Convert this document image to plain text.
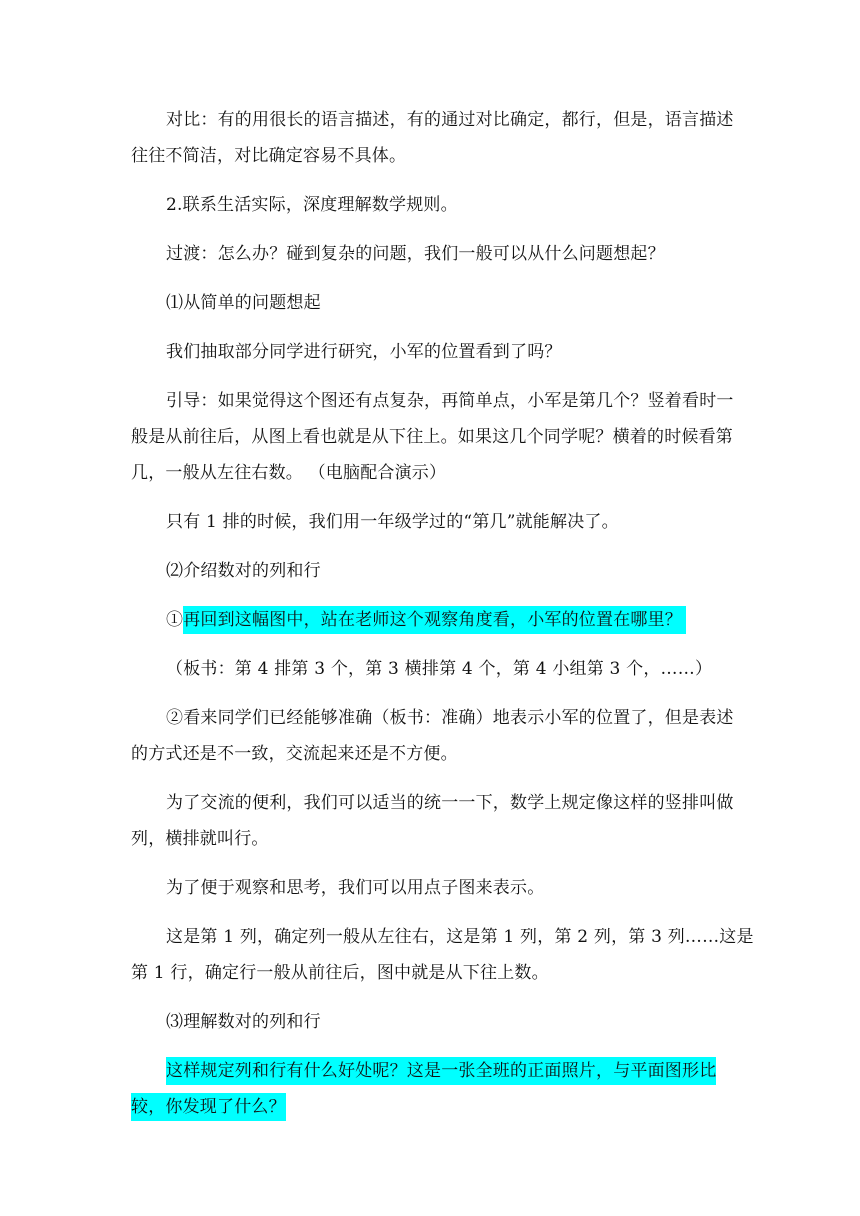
对比：有的用很长的语言描述，有的通过对比确定，都行，但是，语言描述
往往不简洁，对比确定容易不具体。
2.联系生活实际，深度理解数学规则。
过渡：怎么办？碰到复杂的问题，我们一般可以从什么问题想起？
⑴从简单的问题想起
我们抽取部分同学进行研究，小军的位置看到了吗？
引导：如果觉得这个图还有点复杂，再简单点，小军是第几个？竖着看时一
般是从前往后，从图上看也就是从下往上。如果这几个同学呢？横着的时候看第
几，一般从左往右数。 （电脑配合演示）
只有 1 排的时候，我们用一年级学过的“第几”就能解决了。
⑵介绍数对的列和行
①再回到这幅图中，站在老师这个观察角度看，小军的位置在哪里？
（板书：第 4 排第 3 个，第 3 横排第 4 个，第 4 小组第 3 个，……）
②看来同学们已经能够准确（板书：准确）地表示小军的位置了，但是表述
的方式还是不一致，交流起来还是不方便。
为了交流的便利，我们可以适当的统一一下，数学上规定像这样的竖排叫做
列，横排就叫行。
为了便于观察和思考，我们可以用点子图来表示。
这是第 1 列，确定列一般从左往右，这是第 1 列，第 2 列，第 3 列……这是
第 1 行，确定行一般从前往后，图中就是从下往上数。
⑶理解数对的列和行
这样规定列和行有什么好处呢？这是一张全班的正面照片，与平面图形比
较，你发现了什么？
